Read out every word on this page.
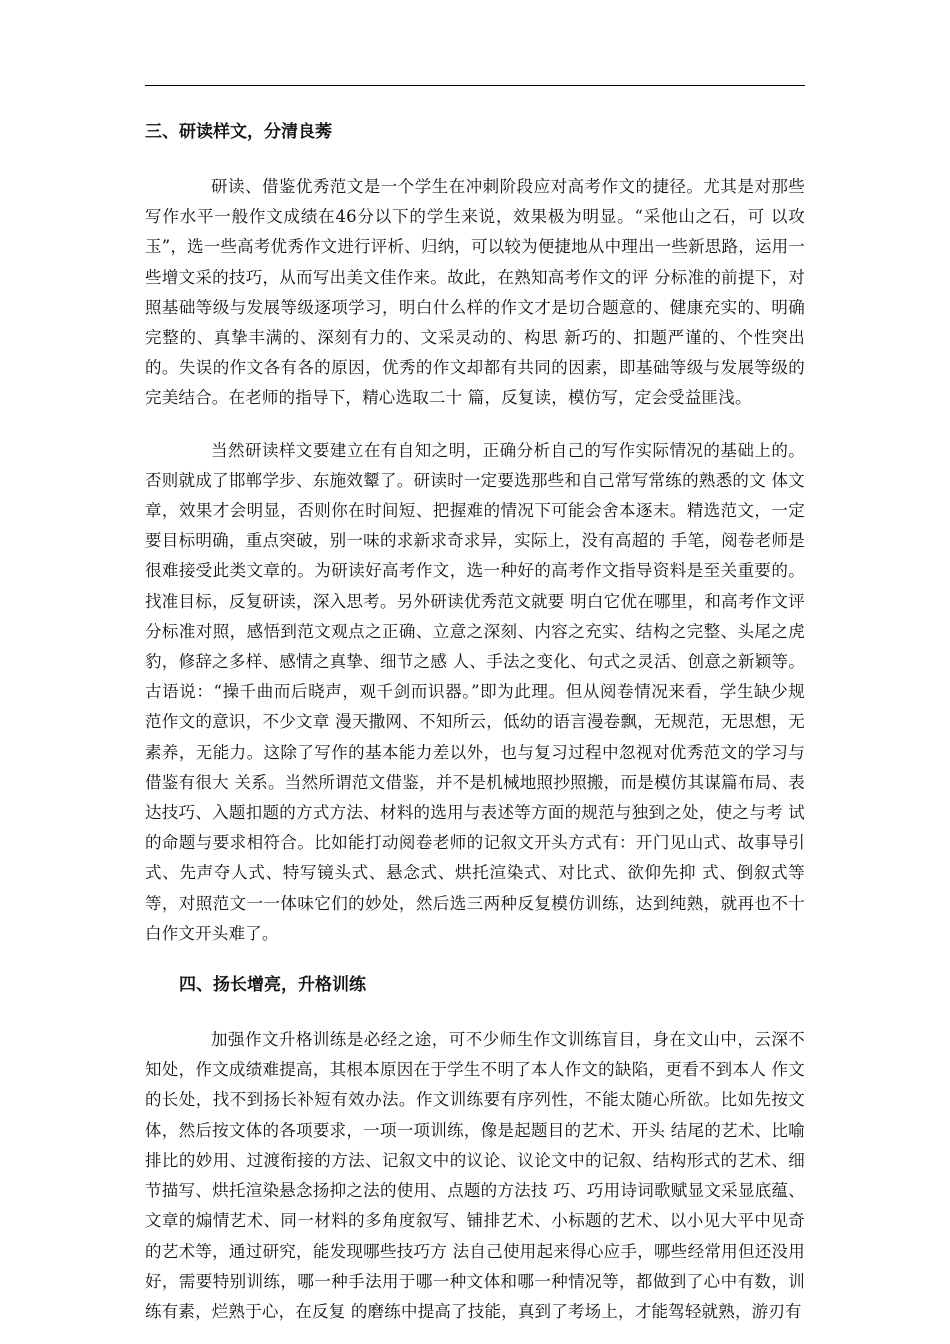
三、研读样文，分清良莠

研读、借鉴优秀范文是一个学生在冲刺阶段应对高考作文的捷径。尤其是对那些写作水平一般作文成绩在46分以下的学生来说，效果极为明显。“采他山之石，可 以攻玉”，选一些高考优秀作文进行评析、归纳，可以较为便捷地从中理出一些新思路，运用一些增文采的技巧，从而写出美文佳作来。故此，在熟知高考作文的评 分标准的前提下，对照基础等级与发展等级逐项学习，明白什么样的作文才是切合题意的、健康充实的、明确完整的、真挚丰满的、深刻有力的、文采灵动的、构思 新巧的、扣题严谨的、个性突出的。失误的作文各有各的原因，优秀的作文却都有共同的因素，即基础等级与发展等级的完美结合。在老师的指导下，精心选取二十 篇，反复读，模仿写，定会受益匪浅。

当然研读样文要建立在有自知之明，正确分析自己的写作实际情况的基础上的。否则就成了邯郸学步、东施效颦了。研读时一定要选那些和自己常写常练的熟悉的文 体文章，效果才会明显，否则你在时间短、把握难的情况下可能会舍本逐末。精选范文，一定要目标明确，重点突破，别一味的求新求奇求异，实际上，没有高超的 手笔，阅卷老师是很难接受此类文章的。为研读好高考作文，选一种好的高考作文指导资料是至关重要的。找准目标，反复研读，深入思考。另外研读优秀范文就要 明白它优在哪里，和高考作文评分标准对照，感悟到范文观点之正确、立意之深刻、内容之充实、结构之完整、头尾之虎豹，修辞之多样、感情之真挚、细节之感 人、手法之变化、句式之灵活、创意之新颖等。古语说：“操千曲而后晓声，观千剑而识器。”即为此理。但从阅卷情况来看，学生缺少规范作文的意识，不少文章 漫天撒网、不知所云，低幼的语言漫卷飘，无规范，无思想，无素养，无能力。这除了写作的基本能力差以外，也与复习过程中忽视对优秀范文的学习与借鉴有很大 关系。当然所谓范文借鉴，并不是机械地照抄照搬，而是模仿其谋篇布局、表达技巧、入题扣题的方式方法、材料的选用与表述等方面的规范与独到之处，使之与考 试的命题与要求相符合。比如能打动阅卷老师的记叙文开头方式有：开门见山式、故事导引式、先声夺人式、特写镜头式、悬念式、烘托渲染式、对比式、欲仰先抑 式、倒叙式等等，对照范文一一体味它们的妙处，然后选三两种反复模仿训练，达到纯熟，就再也不十白作文开头难了。

四、扬长增亮，升格训练

加强作文升格训练是必经之途，可不少师生作文训练盲目，身在文山中，云深不知处，作文成绩难提高，其根本原因在于学生不明了本人作文的缺陷，更看不到本人 作文的长处，找不到扬长补短有效办法。作文训练要有序列性，不能太随心所欲。比如先按文体，然后按文体的各项要求，一项一项训练，像是起题目的艺术、开头 结尾的艺术、比喻排比的妙用、过渡衔接的方法、记叙文中的议论、议论文中的记叙、结构形式的艺术、细节描写、烘托渲染悬念扬抑之法的使用、点题的方法技 巧、巧用诗词歌赋显文采显底蕴、文章的煽情艺术、同一材料的多角度叙写、铺排艺术、小标题的艺术、以小见大平中见奇的艺术等，通过研究，能发现哪些技巧方 法自己使用起来得心应手，哪些经常用但还没用好，需要特别训练，哪一种手法用于哪一种文体和哪一种情况等，都做到了心中有数，训练有素，烂熟于心，在反复 的磨练中提高了技能，真到了考场上，才能驾轻就熟，游刃有
